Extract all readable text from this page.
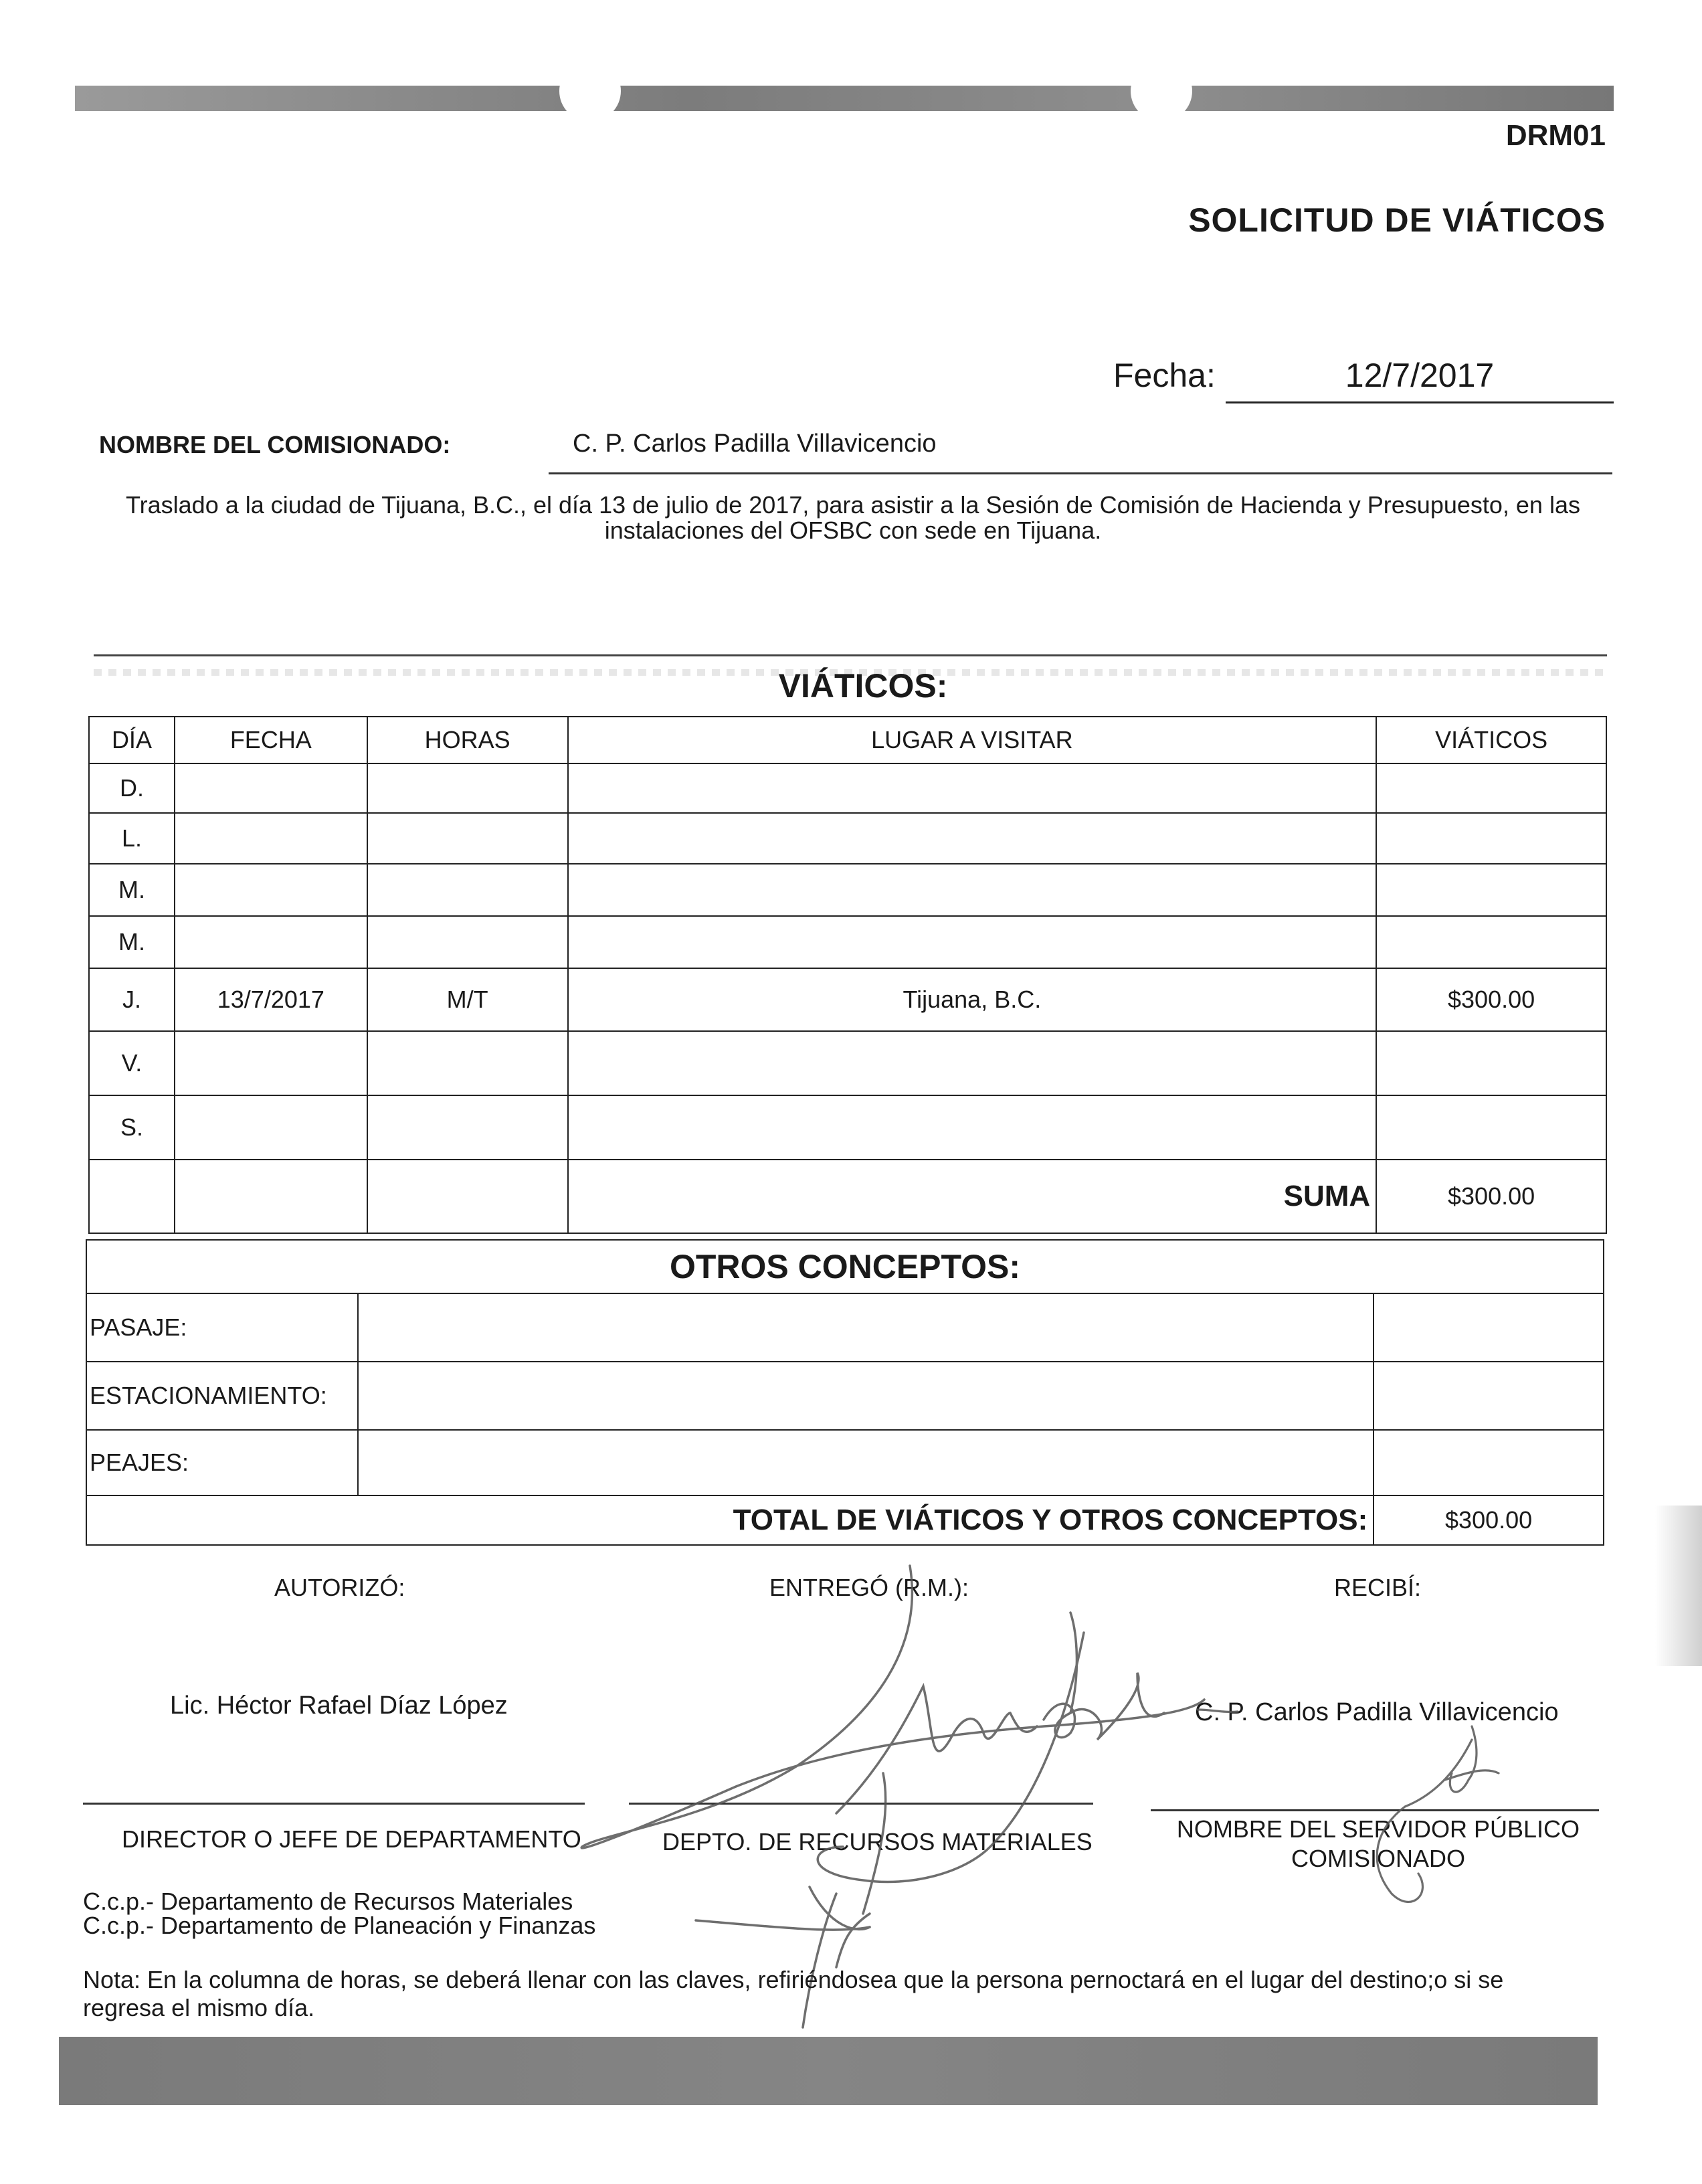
DRM01
SOLICITUD DE VIÁTICOS
Fecha:	12/7/2017
NOMBRE DEL COMISIONADO:	C. P. Carlos Padilla Villavicencio
Traslado a la ciudad de Tijuana, B.C., el día 13 de julio de 2017, para asistir a la Sesión de Comisión de Hacienda y Presupuesto, en las
instalaciones del OFSBC con sede en Tijuana.
VIÁTICOS:
DÍA	FECHA	HORAS	LUGAR A VISITAR	VIÁTICOS
D.				
L.				
M.				
M.				
J.	13/7/2017	M/T	Tijuana, B.C.	$300.00
V.				
S.				
			SUMA	$300.00
OTROS CONCEPTOS:		
PASAJE:		
ESTACIONAMIENTO:		
PEAJES:		
TOTAL DE VIÁTICOS Y OTROS CONCEPTOS:		$300.00
AUTORIZÓ:	ENTREGÓ (R.M.):	RECIBÍ:
Lic. Héctor Rafael Díaz López	C. P. Carlos Padilla Villavicencio
DIRECTOR O JEFE DE DEPARTAMENTO	DEPTO. DE RECURSOS MATERIALES	NOMBRE DEL SERVIDOR PÚBLICO
COMISIONADO
C.c.p.- Departamento de Recursos Materiales
C.c.p.- Departamento de Planeación y Finanzas
Nota: En la columna de horas, se deberá llenar con las claves, refiriéndosea que la persona pernoctará en el lugar del destino;o si se
regresa el mismo día.
